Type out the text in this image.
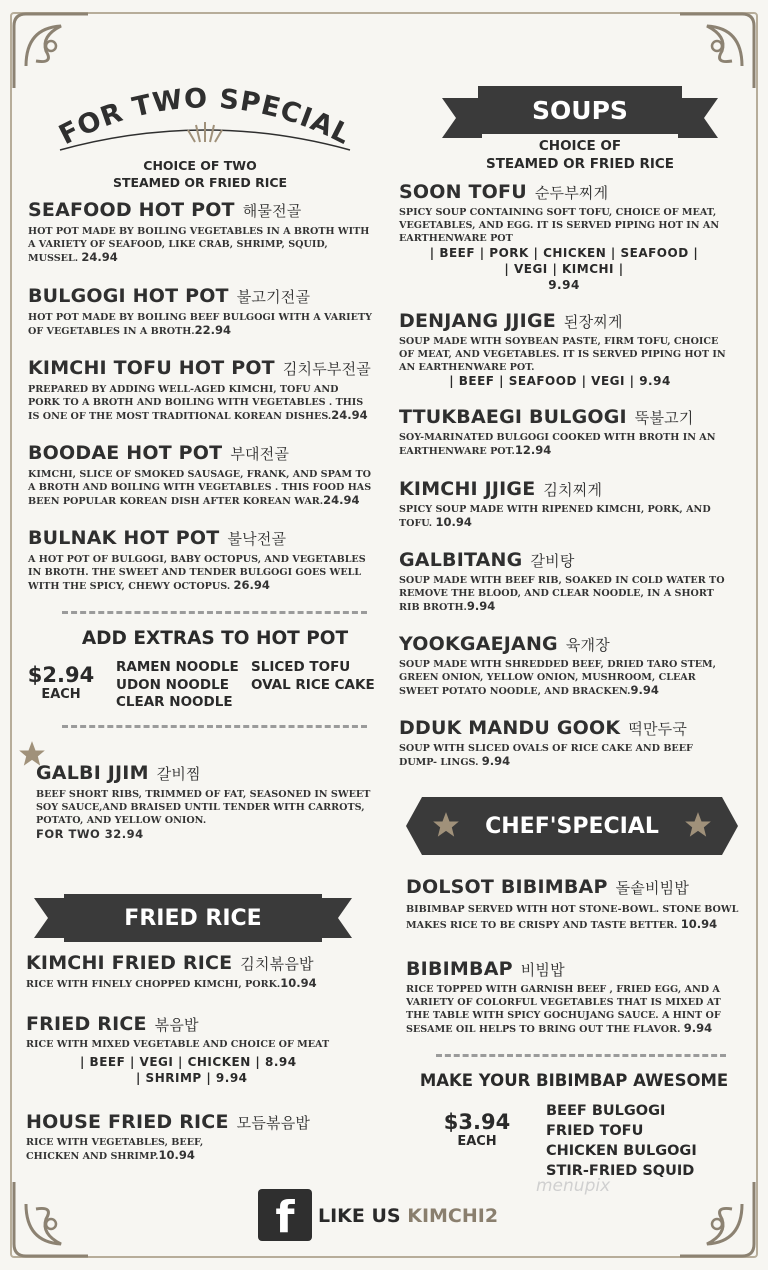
FOR TWO SPECIAL
CHOICE OF TWO
STEAMED OR FRIED RICE
SEAFOOD HOT POT 해물전골
HOT POT MADE BY BOILING VEGETABLES IN A BROTH WITH A VARIETY OF SEAFOOD, LIKE CRAB, SHRIMP, SQUID, MUSSEL. 24.94
BULGOGI HOT POT 불고기전골
HOT POT MADE BY BOILING BEEF BULGOGI WITH A VARIETY OF VEGETABLES IN A BROTH.22.94
KIMCHI TOFU HOT POT 김치두부전골
PREPARED BY ADDING WELL-AGED KIMCHI, TOFU AND PORK TO A BROTH AND BOILING WITH VEGETABLES . THIS IS ONE OF THE MOST TRADITIONAL KOREAN DISHES.24.94
BOODAE HOT POT 부대전골
KIMCHI, SLICE OF SMOKED SAUSAGE, FRANK, AND SPAM TO A BROTH AND BOILING WITH VEGETABLES . THIS FOOD HAS BEEN POPULAR KOREAN DISH AFTER KOREAN WAR.24.94
BULNAK HOT POT 불낙전골
A HOT POT OF BULGOGI, BABY OCTOPUS, AND VEGETABLES IN BROTH. THE SWEET AND TENDER BULGOGI GOES WELL WITH THE SPICY, CHEWY OCTOPUS. 26.94
ADD EXTRAS TO HOT POT
$2.94
EACH
RAMEN NOODLE
UDON NOODLE
CLEAR NOODLE
SLICED TOFU
OVAL RICE CAKE
GALBI JJIM 갈비찜
BEEF SHORT RIBS, TRIMMED OF FAT, SEASONED IN SWEET SOY SAUCE,AND BRAISED UNTIL TENDER WITH CARROTS, POTATO, AND YELLOW ONION.
FOR TWO 32.94
FRIED RICE
KIMCHI FRIED RICE 김치볶음밥
RICE WITH FINELY CHOPPED KIMCHI, PORK.10.94
FRIED RICE 볶음밥
RICE WITH MIXED VEGETABLE AND CHOICE OF MEAT
| BEEF | VEGI | CHICKEN | 8.94
| SHRIMP | 9.94
HOUSE FRIED RICE 모듬볶음밥
RICE WITH VEGETABLES, BEEF, CHICKEN AND SHRIMP.10.94
SOUPS
CHOICE OF
STEAMED OR FRIED RICE
SOON TOFU 순두부찌게
SPICY SOUP CONTAINING SOFT TOFU, CHOICE OF MEAT, VEGETABLES, AND EGG. IT IS SERVED PIPING HOT IN AN EARTHENWARE POT
| BEEF | PORK | CHICKEN | SEAFOOD |
| VEGI | KIMCHI |
9.94
DENJANG JJIGE 된장찌게
SOUP MADE WITH SOYBEAN PASTE, FIRM TOFU, CHOICE OF MEAT, AND VEGETABLES. IT IS SERVED PIPING HOT IN AN EARTHENWARE POT.
| BEEF | SEAFOOD | VEGI | 9.94
TTUKBAEGI BULGOGI 뚝불고기
SOY-MARINATED BULGOGI COOKED WITH BROTH IN AN EARTHENWARE POT.12.94
KIMCHI JJIGE 김치찌게
SPICY SOUP MADE WITH RIPENED KIMCHI, PORK, AND TOFU. 10.94
GALBITANG 갈비탕
SOUP MADE WITH BEEF RIB, SOAKED IN COLD WATER TO REMOVE THE BLOOD, AND CLEAR NOODLE, IN A SHORT RIB BROTH.9.94
YOOKGAEJANG 육개장
SOUP MADE WITH SHREDDED BEEF, DRIED TARO STEM, GREEN ONION, YELLOW ONION, MUSHROOM, CLEAR SWEET POTATO NOODLE, AND BRACKEN.9.94
DDUK MANDU GOOK 떡만두국
SOUP WITH SLICED OVALS OF RICE CAKE AND BEEF DUMP- LINGS. 9.94
CHEF'SPECIAL
DOLSOT BIBIMBAP 돌솥비빔밥
BIBIMBAP SERVED WITH HOT STONE-BOWL. STONE BOWL MAKES RICE TO BE CRISPY AND TASTE BETTER. 10.94
BIBIMBAP 비빔밥
RICE TOPPED WITH GARNISH BEEF , FRIED EGG, AND A VARIETY OF COLORFUL VEGETABLES THAT IS MIXED AT THE TABLE WITH SPICY GOCHUJANG SAUCE. A HINT OF SESAME OIL HELPS TO BRING OUT THE FLAVOR. 9.94
MAKE YOUR BIBIMBAP AWESOME
$3.94
EACH
BEEF BULGOGI
FRIED TOFU
CHICKEN BULGOGI
STIR-FRIED SQUID
menupix
f	LIKE US KIMCHI2
